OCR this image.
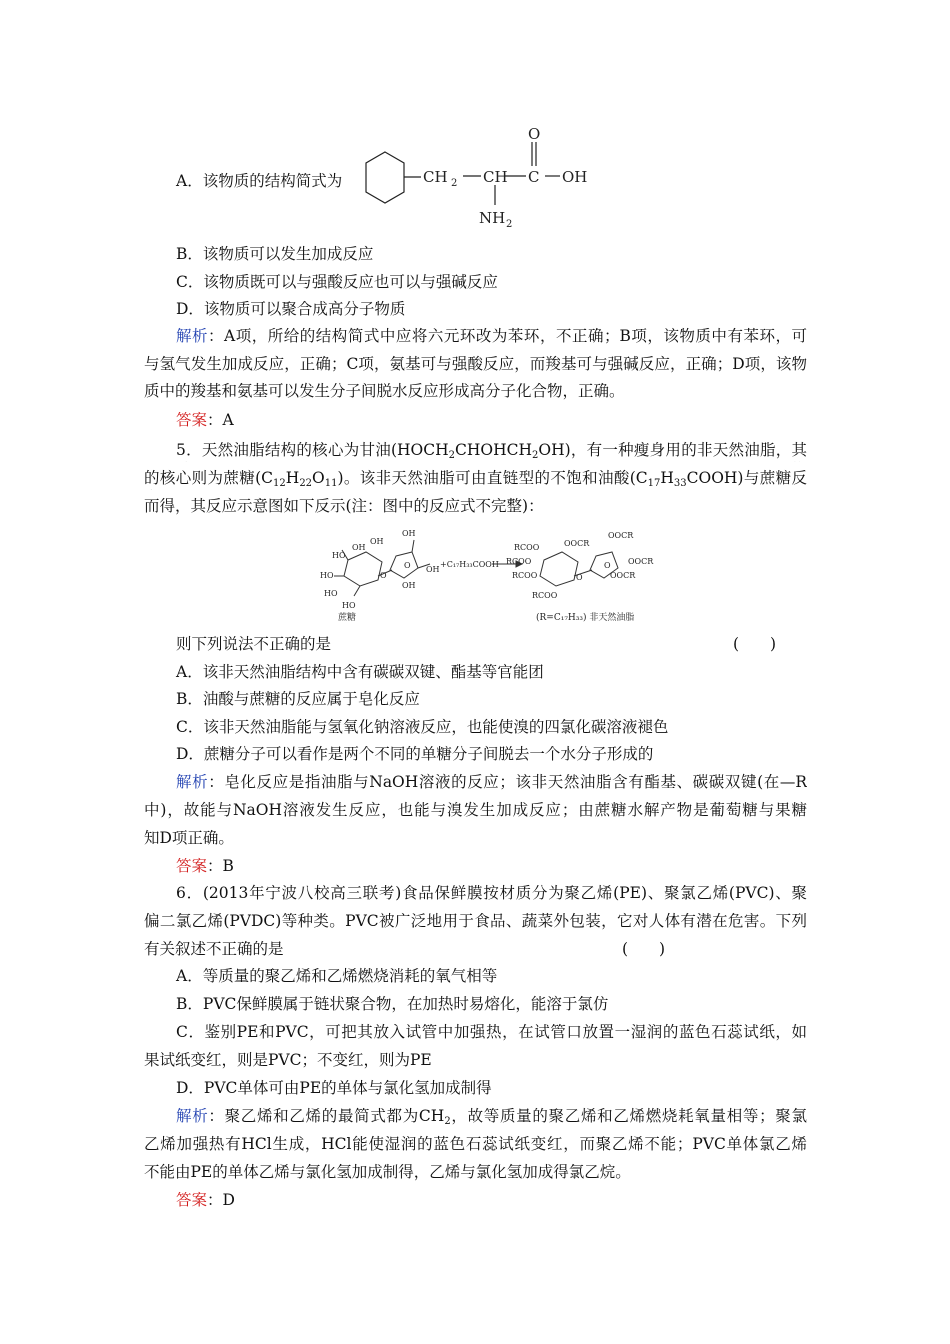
A．该物质的结构简式为	CH 2 CH C OH
O
NH 2
B．该物质可以发生加成反应
C．该物质既可以与强酸反应也可以与强碱反应
D．该物质可以聚合成高分子物质
解析：A项，所给的结构简式中应将六元环改为苯环，不正确；B项，该物质中有苯环，可
与氢气发生加成反应，正确；C项，氨基可与强酸反应，而羧基可与强碱反应，正确；D项，该物
质中的羧基和氨基可以发生分子间脱水反应形成高分子化合物，正确。
答案：A
5．天然油脂结构的核心为甘油$(HOCH_2CHOHCH_2OH)$，有一种瘦身用的非天然油脂，其
的核心则为蔗糖$(C_{12}H_{22}O_{11})$。该非天然油脂可由直链型的不饱和油酸$(C_{17}H_{33}COOH)$与蔗糖反
而得，其反应示意图如下反示(注：图中的反应式不完整)：
HO
OH
OH
OH
HO
HO
HO
O
O OH
OH
+C₁₇H₃₃COOH
RCOO	OOCR
OOCR
RCOO
RCOO	O
O OOCR
OOCR
RCOO
蔗糖	(R=C₁₇H₃₃) 非天然油脂
则下列说法不正确的是	(　　)
A．该非天然油脂结构中含有碳碳双键、酯基等官能团
B．油酸与蔗糖的反应属于皂化反应
C．该非天然油脂能与氢氧化钠溶液反应，也能使溴的四氯化碳溶液褪色
D．蔗糖分子可以看作是两个不同的单糖分子间脱去一个水分子形成的
解析：皂化反应是指油脂与NaOH溶液的反应；该非天然油脂含有酯基、碳碳双键(在—R
中)，故能与NaOH溶液发生反应，也能与溴发生加成反应；由蔗糖水解产物是葡萄糖与果糖
知D项正确。
答案：B
6．(2013年宁波八校高三联考)食品保鲜膜按材质分为聚乙烯(PE)、聚氯乙烯(PVC)、聚
偏二氯乙烯(PVDC)等种类。PVC被广泛地用于食品、蔬菜外包装，它对人体有潜在危害。下列
有关叙述不正确的是	(　　)
A．等质量的聚乙烯和乙烯燃烧消耗的氧气相等
B．PVC保鲜膜属于链状聚合物，在加热时易熔化，能溶于氯仿
C．鉴别PE和PVC，可把其放入试管中加强热，在试管口放置一湿润的蓝色石蕊试纸，如
果试纸变红，则是PVC；不变红，则为PE
D．PVC单体可由PE的单体与氯化氢加成制得
解析：聚乙烯和乙烯的最简式都为$CH_2$，故等质量的聚乙烯和乙烯燃烧耗氧量相等；聚氯
乙烯加强热有HCl生成，HCl能使湿润的蓝色石蕊试纸变红，而聚乙烯不能；PVC单体氯乙烯
不能由PE的单体乙烯与氯化氢加成制得，乙烯与氯化氢加成得氯乙烷。
答案：D
